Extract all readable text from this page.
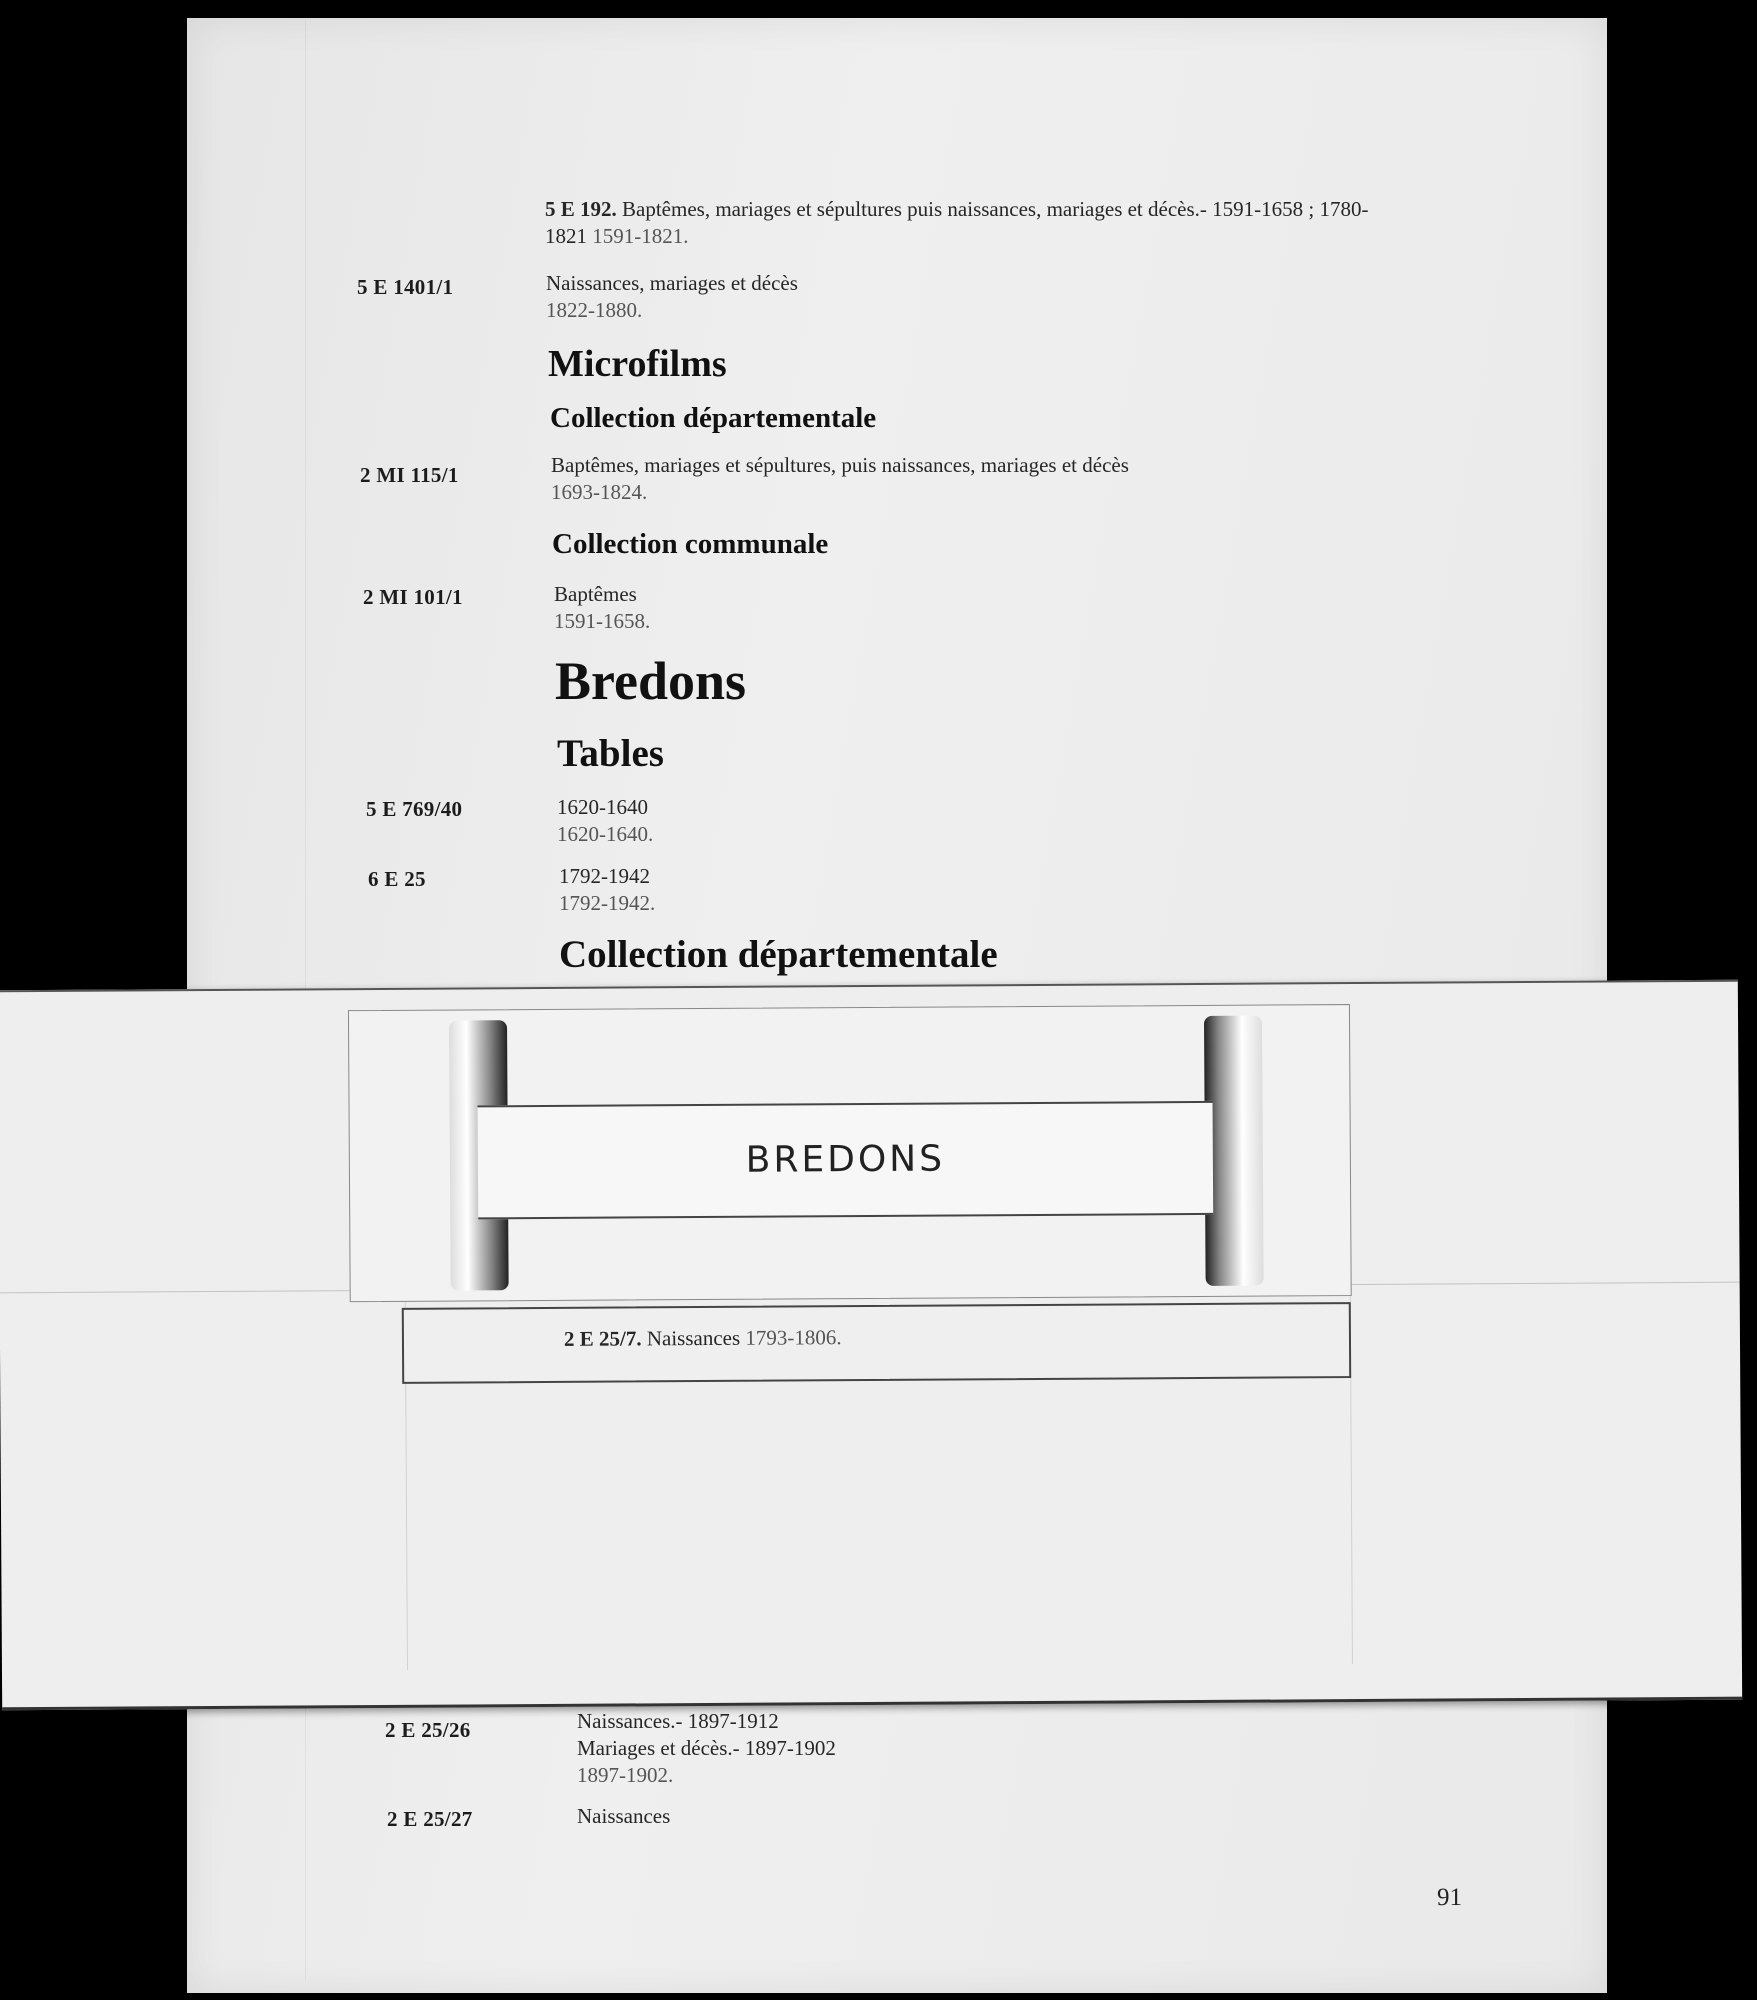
5 E 192. Baptêmes, mariages et sépultures puis naissances, mariages et décès.- 1591-1658 ; 1780-
1821 1591-1821.
5 E 1401/1	Naissances, mariages et décès
1822-1880.
Microfilms
Collection départementale
2 MI 115/1	Baptêmes, mariages et sépultures, puis naissances, mariages et décès
1693-1824.
Collection communale
2 MI 101/1	Baptêmes
1591-1658.
Bredons
Tables
5 E 769/40	1620-1640
1620-1640.
6 E 25	1792-1942
1792-1942.
Collection départementale
BREDONS
2 E 25/7. Naissances 1793-1806.
2 E 25/26	Naissances.- 1897-1912
Mariages et décès.- 1897-1902
1897-1902.
2 E 25/27	Naissances
91
